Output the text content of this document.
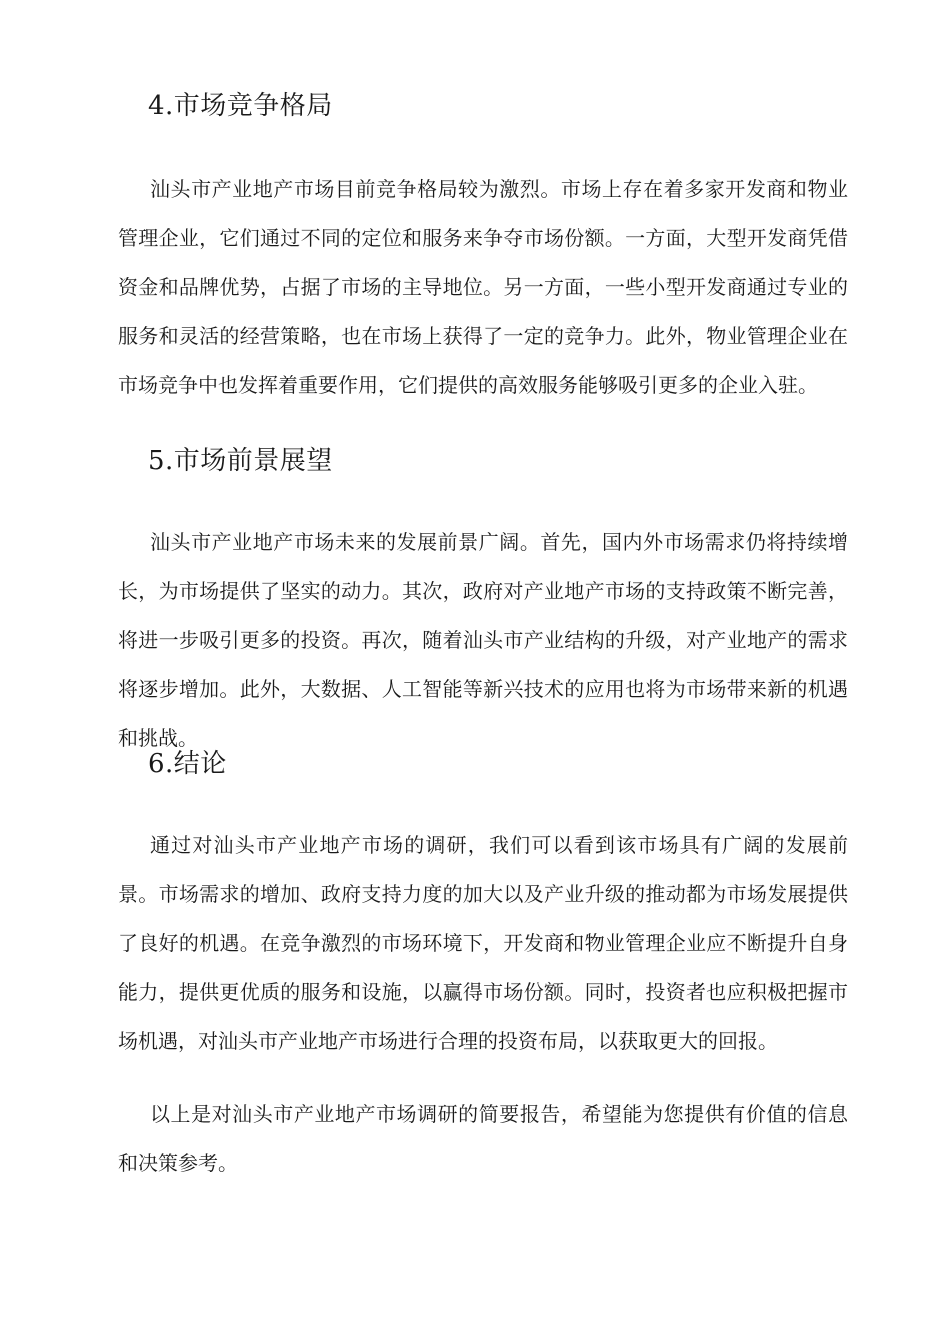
4.市场竞争格局

汕头市产业地产市场目前竞争格局较为激烈。市场上存在着多家开发商和物业管理企业，它们通过不同的定位和服务来争夺市场份额。一方面，大型开发商凭借资金和品牌优势，占据了市场的主导地位。另一方面，一些小型开发商通过专业的服务和灵活的经营策略，也在市场上获得了一定的竞争力。此外，物业管理企业在市场竞争中也发挥着重要作用，它们提供的高效服务能够吸引更多的企业入驻。

5.市场前景展望

汕头市产业地产市场未来的发展前景广阔。首先，国内外市场需求仍将持续增长，为市场提供了坚实的动力。其次，政府对产业地产市场的支持政策不断完善，将进一步吸引更多的投资。再次，随着汕头市产业结构的升级，对产业地产的需求将逐步增加。此外，大数据、人工智能等新兴技术的应用也将为市场带来新的机遇和挑战。

6.结论

通过对汕头市产业地产市场的调研，我们可以看到该市场具有广阔的发展前景。市场需求的增加、政府支持力度的加大以及产业升级的推动都为市场发展提供了良好的机遇。在竞争激烈的市场环境下，开发商和物业管理企业应不断提升自身能力，提供更优质的服务和设施，以赢得市场份额。同时，投资者也应积极把握市场机遇，对汕头市产业地产市场进行合理的投资布局，以获取更大的回报。

以上是对汕头市产业地产市场调研的简要报告，希望能为您提供有价值的信息和决策参考。
